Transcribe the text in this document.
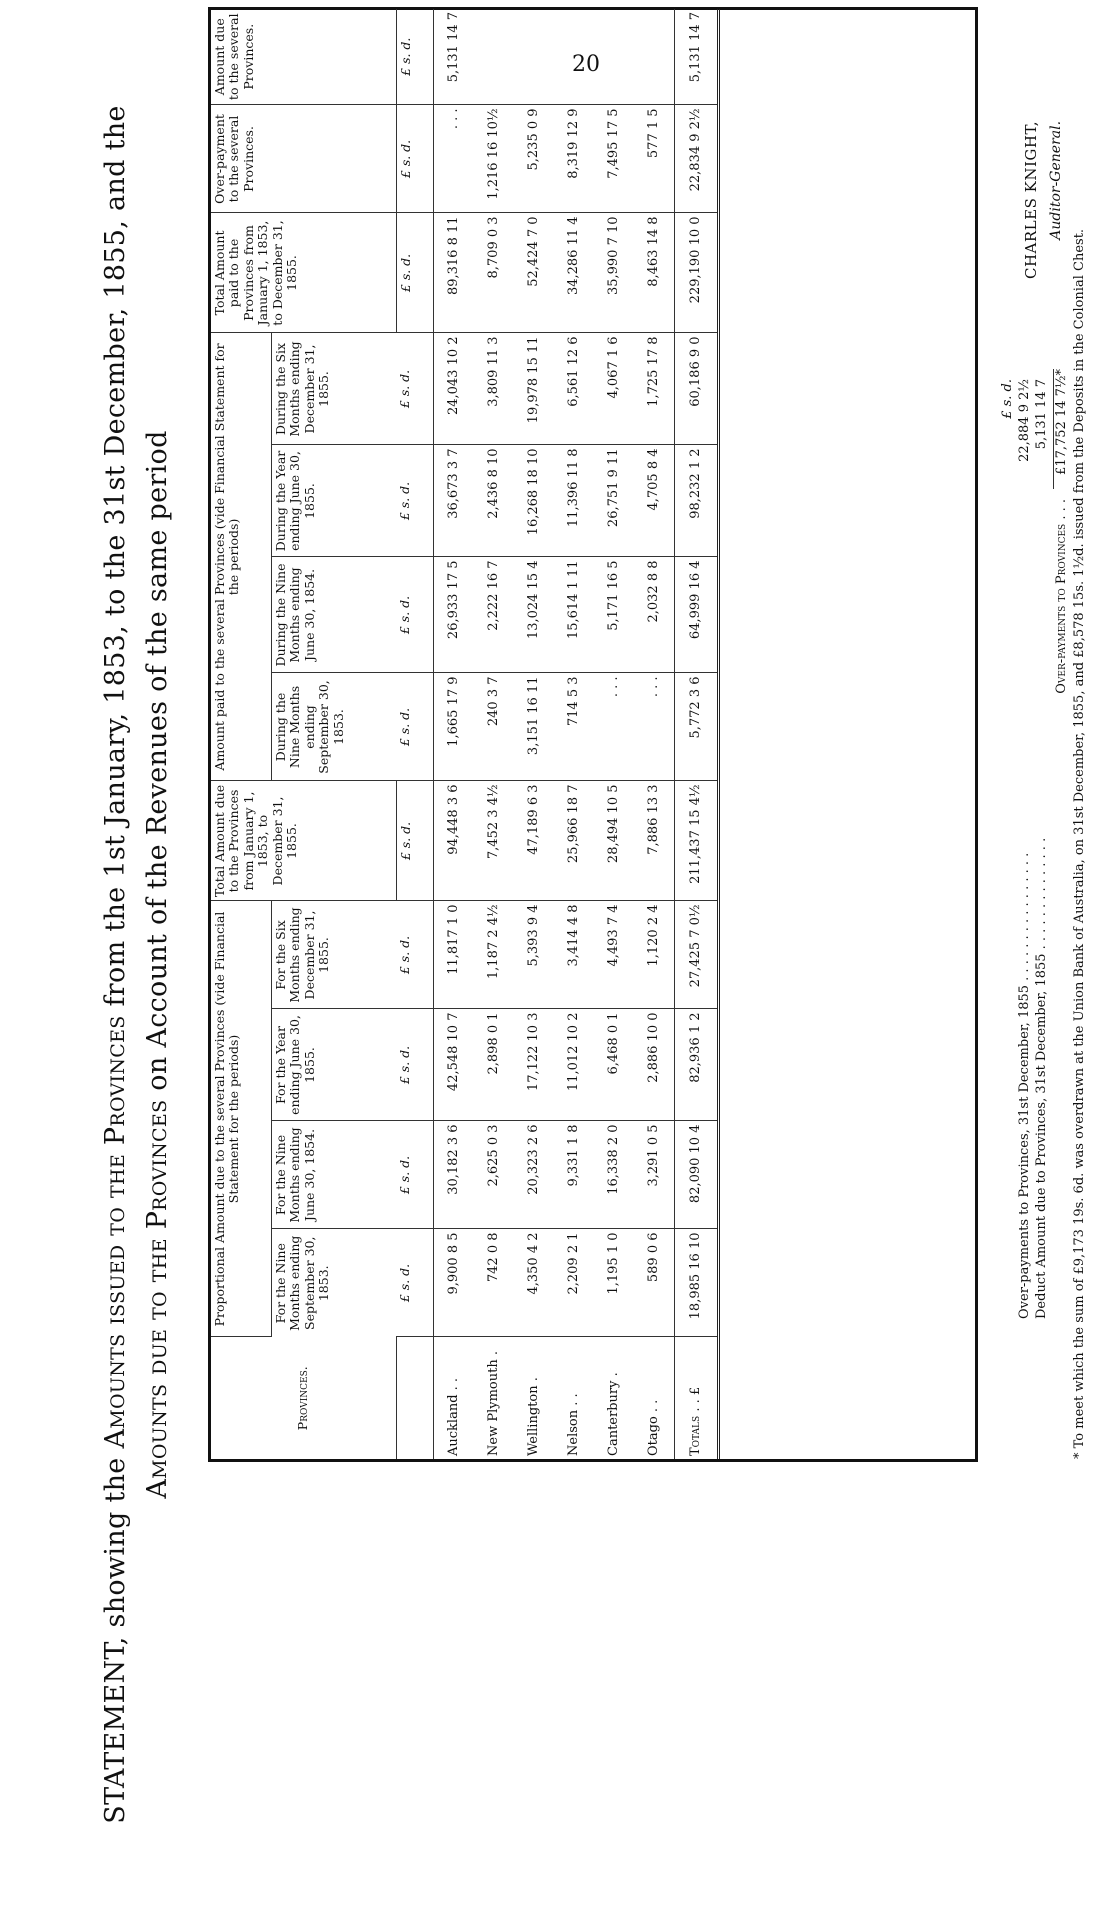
20
STATEMENT, showing the Amounts issued to the Provinces from the 1st January, 1853, to the 31st December, 1855, and the
Amounts due to the Provinces on Account of the Revenues of the same period
Provinces.	Proportional Amount due to the several Provinces (vide Financial Statement for the periods)				Total Amount due to the Provinces from January 1, 1853, to December 31, 1855.	Amount paid to the several Provinces (vide Financial Statement for the periods)				Total Amount paid to the Provinces from January 1, 1853, to December 31, 1855.	Over-payment to the several Provinces.	Amount due to the several Provinces.
	For the Nine Months ending September 30, 1853.	For the Nine Months ending June 30, 1854.	For the Year ending June 30, 1855.	For the Six Months ending December 31, 1855.		During the Nine Months ending September 30, 1853.	During the Nine Months ending June 30, 1854.	During the Year ending June 30, 1855.	During the Six Months ending December 31, 1855.			
	£ s. d.	£ s. d.	£ s. d.	£ s. d.	£ s. d.	£ s. d.	£ s. d.	£ s. d.	£ s. d.	£ s. d.	£ s. d.	£ s. d.
Auckland . .	9,900 8 5	30,182 3 6	42,548 10 7	11,817 1 0	94,448 3 6	1,665 17 9	26,933 17 5	36,673 3 7	24,043 10 2	89,316 8 11	. . .	5,131 14 7
New Plymouth .	742 0 8	2,625 0 3	2,898 0 1	1,187 2 4½	7,452 3 4½	240 3 7	2,222 16 7	2,436 8 10	3,809 11 3	8,709 0 3	1,216 16 10½	
Wellington .	4,350 4 2	20,323 2 6	17,122 10 3	5,393 9 4	47,189 6 3	3,151 16 11	13,024 15 4	16,268 18 10	19,978 15 11	52,424 7 0	5,235 0 9	
Nelson . .	2,209 2 1	9,331 1 8	11,012 10 2	3,414 4 8	25,966 18 7	714 5 3	15,614 1 11	11,396 11 8	6,561 12 6	34,286 11 4	8,319 12 9	
Canterbury .	1,195 1 0	16,338 2 0	6,468 0 1	4,493 7 4	28,494 10 5	. . .	5,171 16 5	26,751 9 11	4,067 1 6	35,990 7 10	7,495 17 5	
Otago . .	589 0 6	3,291 0 5	2,886 10 0	1,120 2 4	7,886 13 3	. . .	2,032 8 8	4,705 8 4	1,725 17 8	8,463 14 8	577 1 5	
Totals . . £	18,985 16 10	82,090 10 4	82,936 1 2	27,425 7 0½	211,437 15 4½	5,772 3 6	64,999 16 4	98,232 1 2	60,186 9 0	229,190 10 0	22,834 9 2½	5,131 14 7
£ s. d.
Over-payments to Provinces, 31st December, 1855 . . . . . . . . . . . . . . . .
22,884 9 2½
Deduct Amount due to Provinces, 31st December, 1855 . . . . . . . . . . . . . .
5,131 14 7
Over-payments to Provinces . . .
£17,752 14 7½* * To meet which the sum of £9,173 19s. 6d. was overdrawn at the Union Bank of Australia, on 31st December, 1855, and £8,578 15s. 1½d. issued from the Deposits in the Colonial Chest.
CHARLES KNIGHT, Auditor-General.
